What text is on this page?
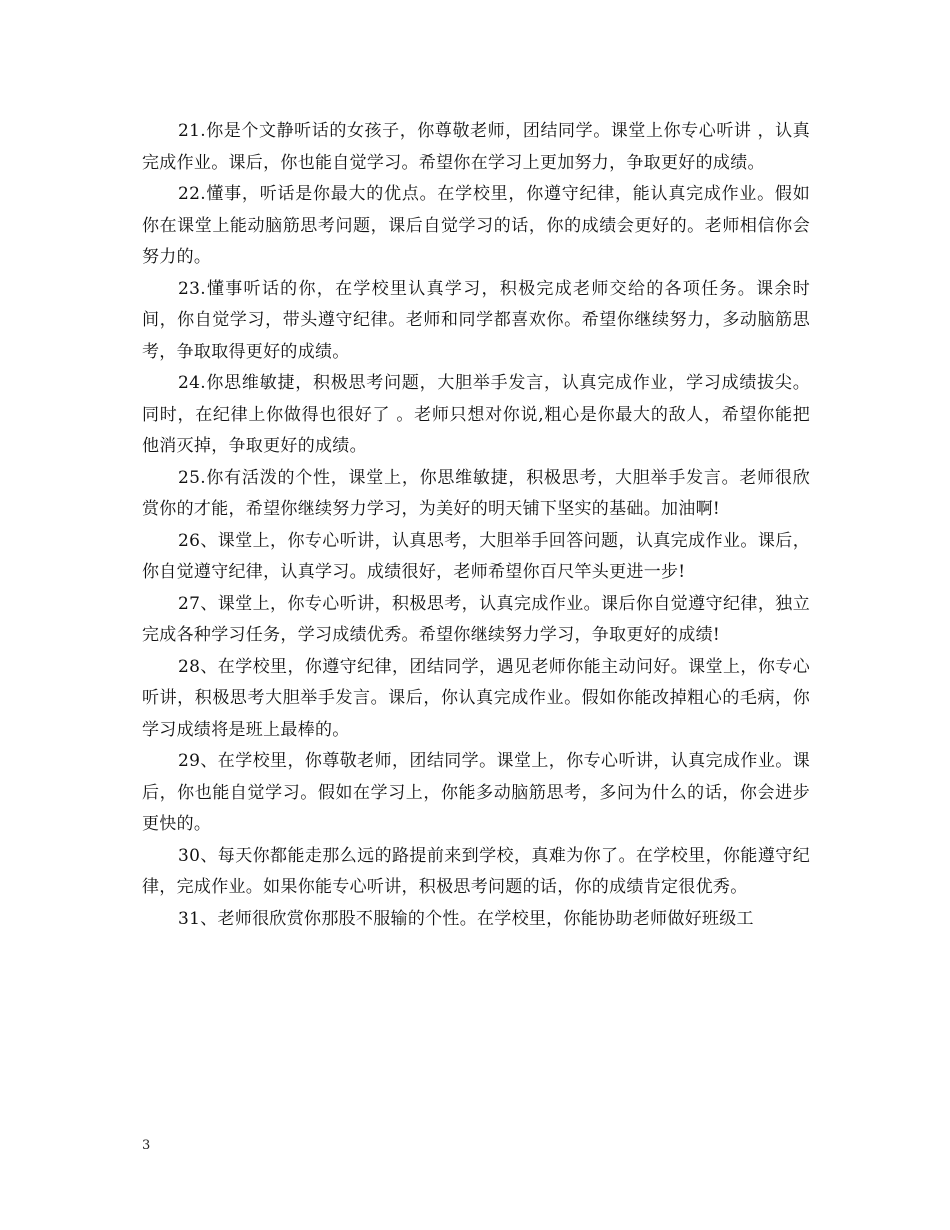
21.你是个文静听话的女孩子，你尊敬老师，团结同学。课堂上你专心听讲 ，认真完成作业。课后，你也能自觉学习。希望你在学习上更加努力，争取更好的成绩。

22.懂事，听话是你最大的优点。在学校里，你遵守纪律，能认真完成作业。假如你在课堂上能动脑筋思考问题，课后自觉学习的话，你的成绩会更好的。老师相信你会努力的。

23.懂事听话的你，在学校里认真学习，积极完成老师交给的各项任务。课余时间，你自觉学习，带头遵守纪律。老师和同学都喜欢你。希望你继续努力，多动脑筋思考，争取取得更好的成绩。

24.你思维敏捷，积极思考问题，大胆举手发言，认真完成作业，学习成绩拔尖。同时，在纪律上你做得也很好了 。老师只想对你说,粗心是你最大的敌人，希望你能把他消灭掉，争取更好的成绩。

25.你有活泼的个性，课堂上，你思维敏捷，积极思考，大胆举手发言。老师很欣赏你的才能，希望你继续努力学习，为美好的明天铺下坚实的基础。加油啊!

26、课堂上，你专心听讲，认真思考，大胆举手回答问题，认真完成作业。课后，你自觉遵守纪律，认真学习。成绩很好，老师希望你百尺竿头更进一步!

27、课堂上，你专心听讲，积极思考，认真完成作业。课后你自觉遵守纪律，独立完成各种学习任务，学习成绩优秀。希望你继续努力学习，争取更好的成绩!

28、在学校里，你遵守纪律，团结同学，遇见老师你能主动问好。课堂上，你专心听讲，积极思考大胆举手发言。课后，你认真完成作业。假如你能改掉粗心的毛病，你学习成绩将是班上最棒的。

29、在学校里，你尊敬老师，团结同学。课堂上，你专心听讲，认真完成作业。课后，你也能自觉学习。假如在学习上，你能多动脑筋思考，多问为什么的话，你会进步更快的。

30、每天你都能走那么远的路提前来到学校，真难为你了。在学校里，你能遵守纪律，完成作业。如果你能专心听讲，积极思考问题的话，你的成绩肯定很优秀。

31、老师很欣赏你那股不服输的个性。在学校里，你能协助老师做好班级工

3
